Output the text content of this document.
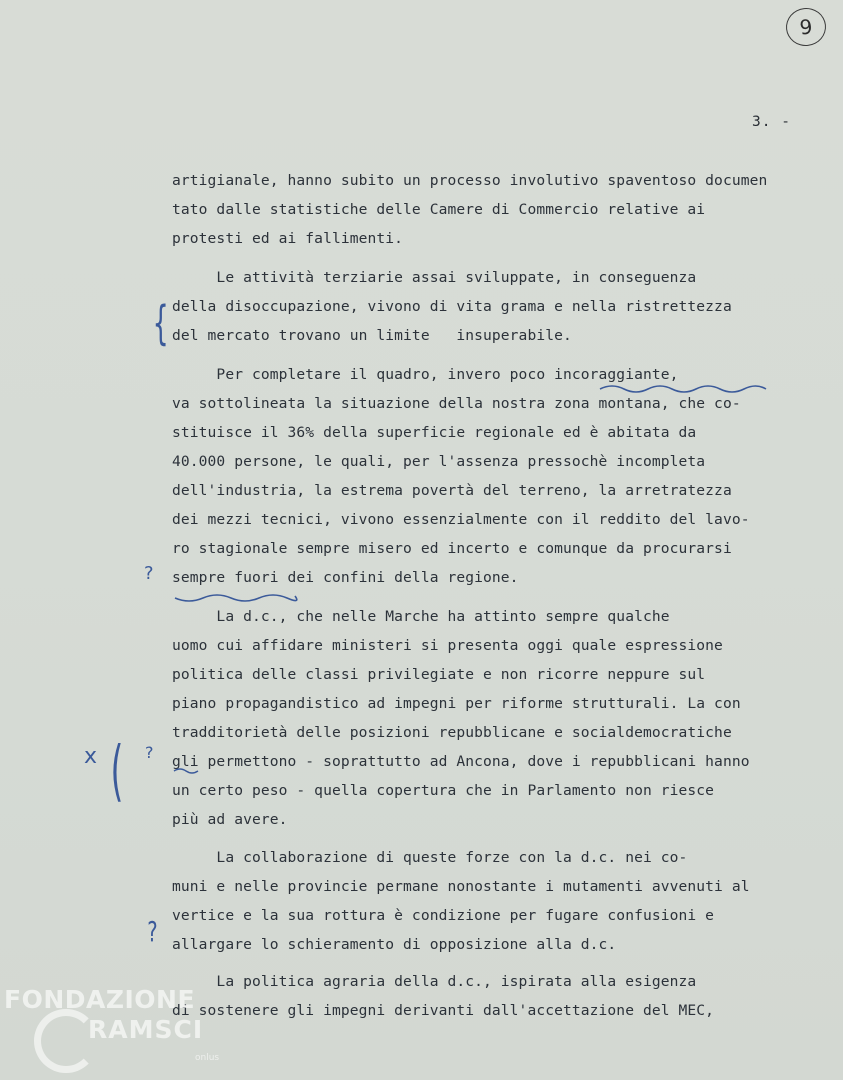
9
3. -
artigianale, hanno subito un processo involutivo spaventoso documen
tato dalle statistiche delle Camere di Commercio relative ai
protesti ed ai fallimenti.
Le attività terziarie assai sviluppate, in conseguenza
della disoccupazione, vivono di vita grama e nella ristrettezza
del mercato trovano un limite   insuperabile.
Per completare il quadro, invero poco incoraggiante,
va sottolineata la situazione della nostra zona montana, che co-
stituisce il 36% della superficie regionale ed è abitata da
40.000 persone, le quali, per l'assenza pressochè incompleta
dell'industria, la estrema povertà del terreno, la arretratezza
dei mezzi tecnici, vivono essenzialmente con il reddito del lavo-
ro stagionale sempre misero ed incerto e comunque da procurarsi
sempre fuori dei confini della regione.
La d.c., che nelle Marche ha attinto sempre qualche
uomo cui affidare ministeri si presenta oggi quale espressione
politica delle classi privilegiate e non ricorre neppure sul
piano propagandistico ad impegni per riforme strutturali. La con
tradditorietà delle posizioni repubblicane e socialdemocratiche
gli permettono - soprattutto ad Ancona, dove i repubblicani hanno
un certo peso - quella copertura che in Parlamento non riesce
più ad avere.
La collaborazione di queste forze con la d.c. nei co-
muni e nelle provincie permane nonostante i mutamenti avvenuti al
vertice e la sua rottura è condizione per fugare confusioni e
allargare lo schieramento di opposizione alla d.c.
La politica agraria della d.c., ispirata alla esigenza
di sostenere gli impegni derivanti dall'accettazione del MEC,
{
?
x ( ?
?
FONDAZIONE
RAMSCI
onlus
